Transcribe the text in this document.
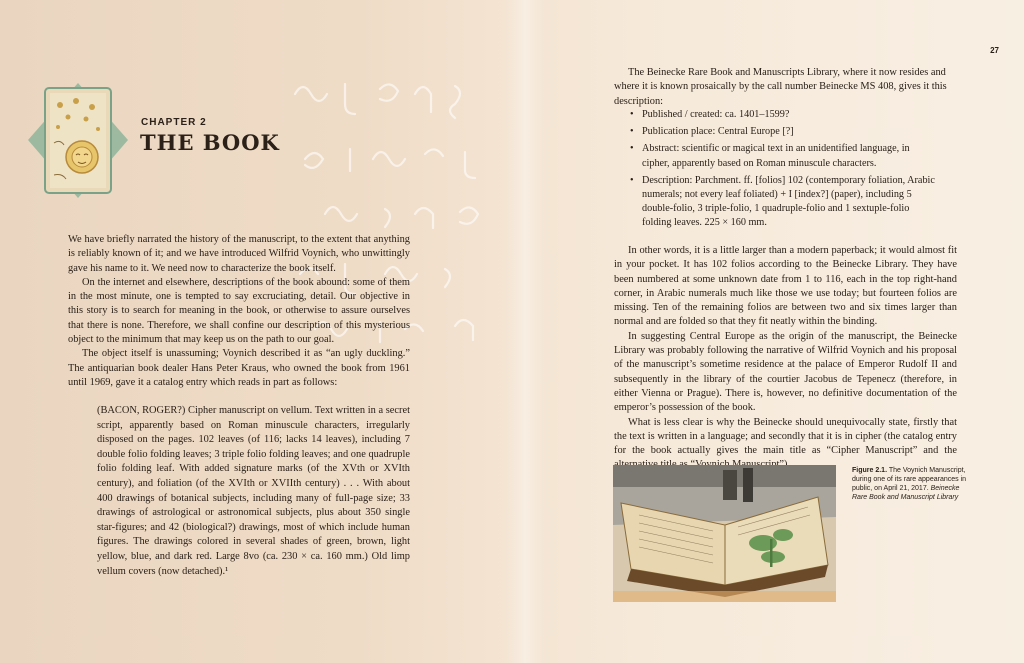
27
CHAPTER 2
THE BOOK

We have briefly narrated the history of the manuscript, to the extent that anything is reliably known of it; and we have introduced Wilfrid Voynich, who unwittingly gave his name to it. We need now to characterize the book itself.

On the internet and elsewhere, descriptions of the book abound: some of them in the most minute, one is tempted to say excruciating, detail. Our objective in this story is to search for meaning in the book, or otherwise to assure ourselves that there is none. Therefore, we shall confine our description of this mysterious object to the minimum that may keep us on the path to our goal.

The object itself is unassuming; Voynich described it as “an ugly duckling.” The antiquarian book dealer Hans Peter Kraus, who owned the book from 1961 until 1969, gave it a catalog entry which reads in part as follows:

(BACON, ROGER?) Cipher manuscript on vellum. Text written in a secret script, apparently based on Roman minuscule characters, irregularly disposed on the pages. 102 leaves (of 116; lacks 14 leaves), including 7 double folio folding leaves; 3 triple folio folding leaves; and one quadruple folio folding leaf. With added signature marks (of the XVth or XVIth century), and foliation (of the XVIth or XVIIth century) . . . With about 400 drawings of botanical subjects, including many of full-page size; 33 drawings of astrological or astronomical subjects, plus about 350 single star-figures; and 42 (biological?) drawings, most of which include human figures. The drawings colored in several shades of green, brown, light yellow, blue, and dark red. Large 8vo (ca. 230 × ca. 160 mm.) Old limp vellum covers (now detached).¹

The Beinecke Rare Book and Manuscripts Library, where it now resides and where it is known prosaically by the call number Beinecke MS 408, gives it this description:

• Published / created: ca. 1401–1599?
• Publication place: Central Europe [?]
• Abstract: scientific or magical text in an unidentified language, in cipher, apparently based on Roman minuscule characters.
• Description: Parchment. ff. [folios] 102 (contemporary foliation, Arabic numerals; not every leaf foliated) + I [index?] (paper), including 5 double-folio, 3 triple-folio, 1 quadruple-folio and 1 sextuple-folio folding leaves. 225 × 160 mm.

In other words, it is a little larger than a modern paperback; it would almost fit in your pocket. It has 102 folios according to the Beinecke Library. They have been numbered at some unknown date from 1 to 116, each in the top right-hand corner, in Arabic numerals much like those we use today; but fourteen folios are missing. Ten of the remaining folios are between two and six times larger than normal and are folded so that they fit neatly within the binding.

In suggesting Central Europe as the origin of the manuscript, the Beinecke Library was probably following the narrative of Wilfrid Voynich and his proposal of the manuscript’s sometime residence at the palace of Emperor Rudolf II and subsequently in the library of the courtier Jacobus de Tepenecz (therefore, in either Vienna or Prague). There is, however, no definitive documentation of the emperor’s possession of the book.

What is less clear is why the Beinecke should unequivocally state, firstly that the text is written in a language; and secondly that it is in cipher (the catalog entry for the book actually gives the main title as “Cipher Manuscript” and the

Figure 2.1. The Voynich Manuscript, during one of its rare appearances in public, on April 21, 2017. Beinecke Rare Book and Manuscript Library
